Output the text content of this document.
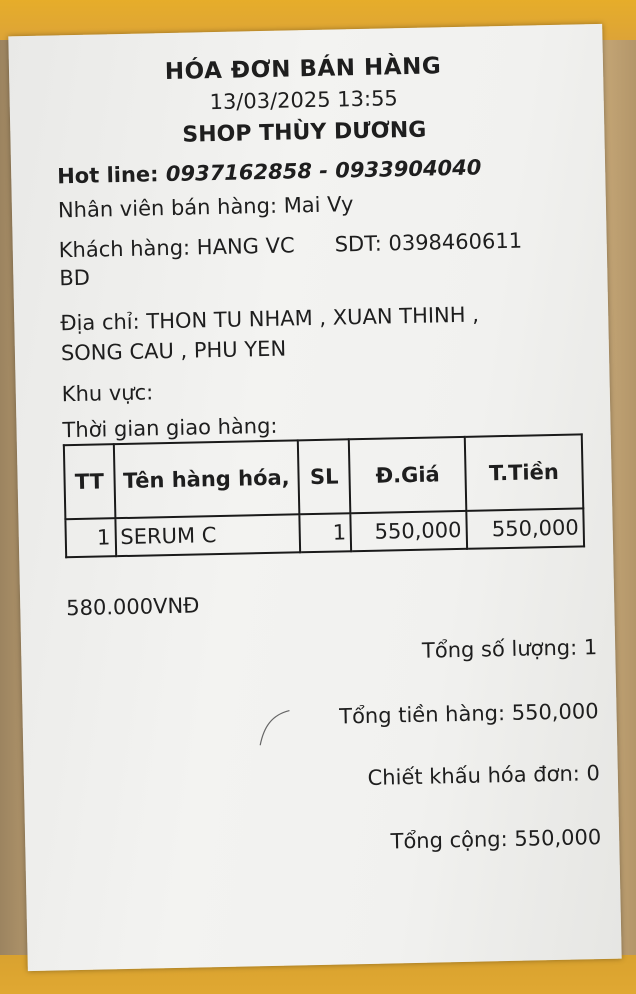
HÓA ĐƠN BÁN HÀNG
13/03/2025 13:55
SHOP THÙY DƯƠNG
Hot line: 0937162858 - 0933904040
Nhân viên bán hàng: Mai Vy
Khách hàng: HANG VC BD
SDT: 0398460611
Địa chỉ: THON TU NHAM , XUAN THINH , SONG CAU , PHU YEN
Khu vực:
Thời gian giao hàng:
TT	Tên hàng hóa,	SL	Đ.Giá	T.Tiền
1	SERUM C	1	550,000	550,000
580.000VNĐ
Tổng số lượng: 1
Tổng tiền hàng: 550,000
Chiết khấu hóa đơn: 0
Tổng cộng: 550,000
